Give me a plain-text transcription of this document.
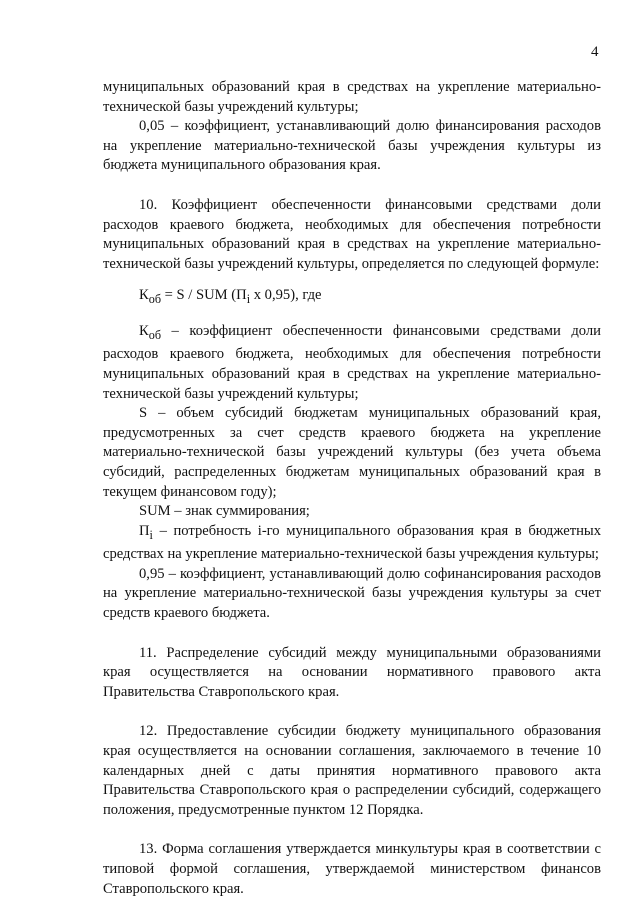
4

муниципальных образований края в средствах на укрепление материально-технической базы учреждений культуры;

0,05 – коэффициент, устанавливающий долю финансирования расходов на укрепление материально-технической базы учреждения культуры из бюджета муниципального образования края.

10. Коэффициент обеспеченности финансовыми средствами доли расходов краевого бюджета, необходимых для обеспечения потребности муниципальных образований края в средствах на укрепление материально-технической базы учреждений культуры, определяется по следующей формуле:

$К_{об} = S$ / SUM ($П_i$ х 0,95), где

$К_{об}$ – коэффициент обеспеченности финансовыми средствами доли расходов краевого бюджета, необходимых для обеспечения потребности муниципальных образований края в средствах на укрепление материально-технической базы учреждений культуры;

S – объем субсидий бюджетам муниципальных образований края, предусмотренных за счет средств краевого бюджета на укрепление материально-технической базы учреждений культуры (без учета объема субсидий, распределенных бюджетам муниципальных образований края в текущем финансовом году);

SUM – знак суммирования;

$П_i$ – потребность i-го муниципального образования края в бюджетных средствах на укрепление материально-технической базы учреждения культуры;

0,95 – коэффициент, устанавливающий долю софинансирования расходов на укрепление материально-технической базы учреждения культуры за счет средств краевого бюджета.

11. Распределение субсидий между муниципальными образованиями края осуществляется на основании нормативного правового акта Правительства Ставропольского края.

12. Предоставление субсидии бюджету муниципального образования края осуществляется на основании соглашения, заключаемого в течение 10 календарных дней с даты принятия нормативного правового акта Правительства Ставропольского края о распределении субсидий, содержащего положения, предусмотренные пунктом 12 Порядка.

13. Форма соглашения утверждается минкультуры края в соответствии с типовой формой соглашения, утверждаемой министерством финансов Ставропольского края.
